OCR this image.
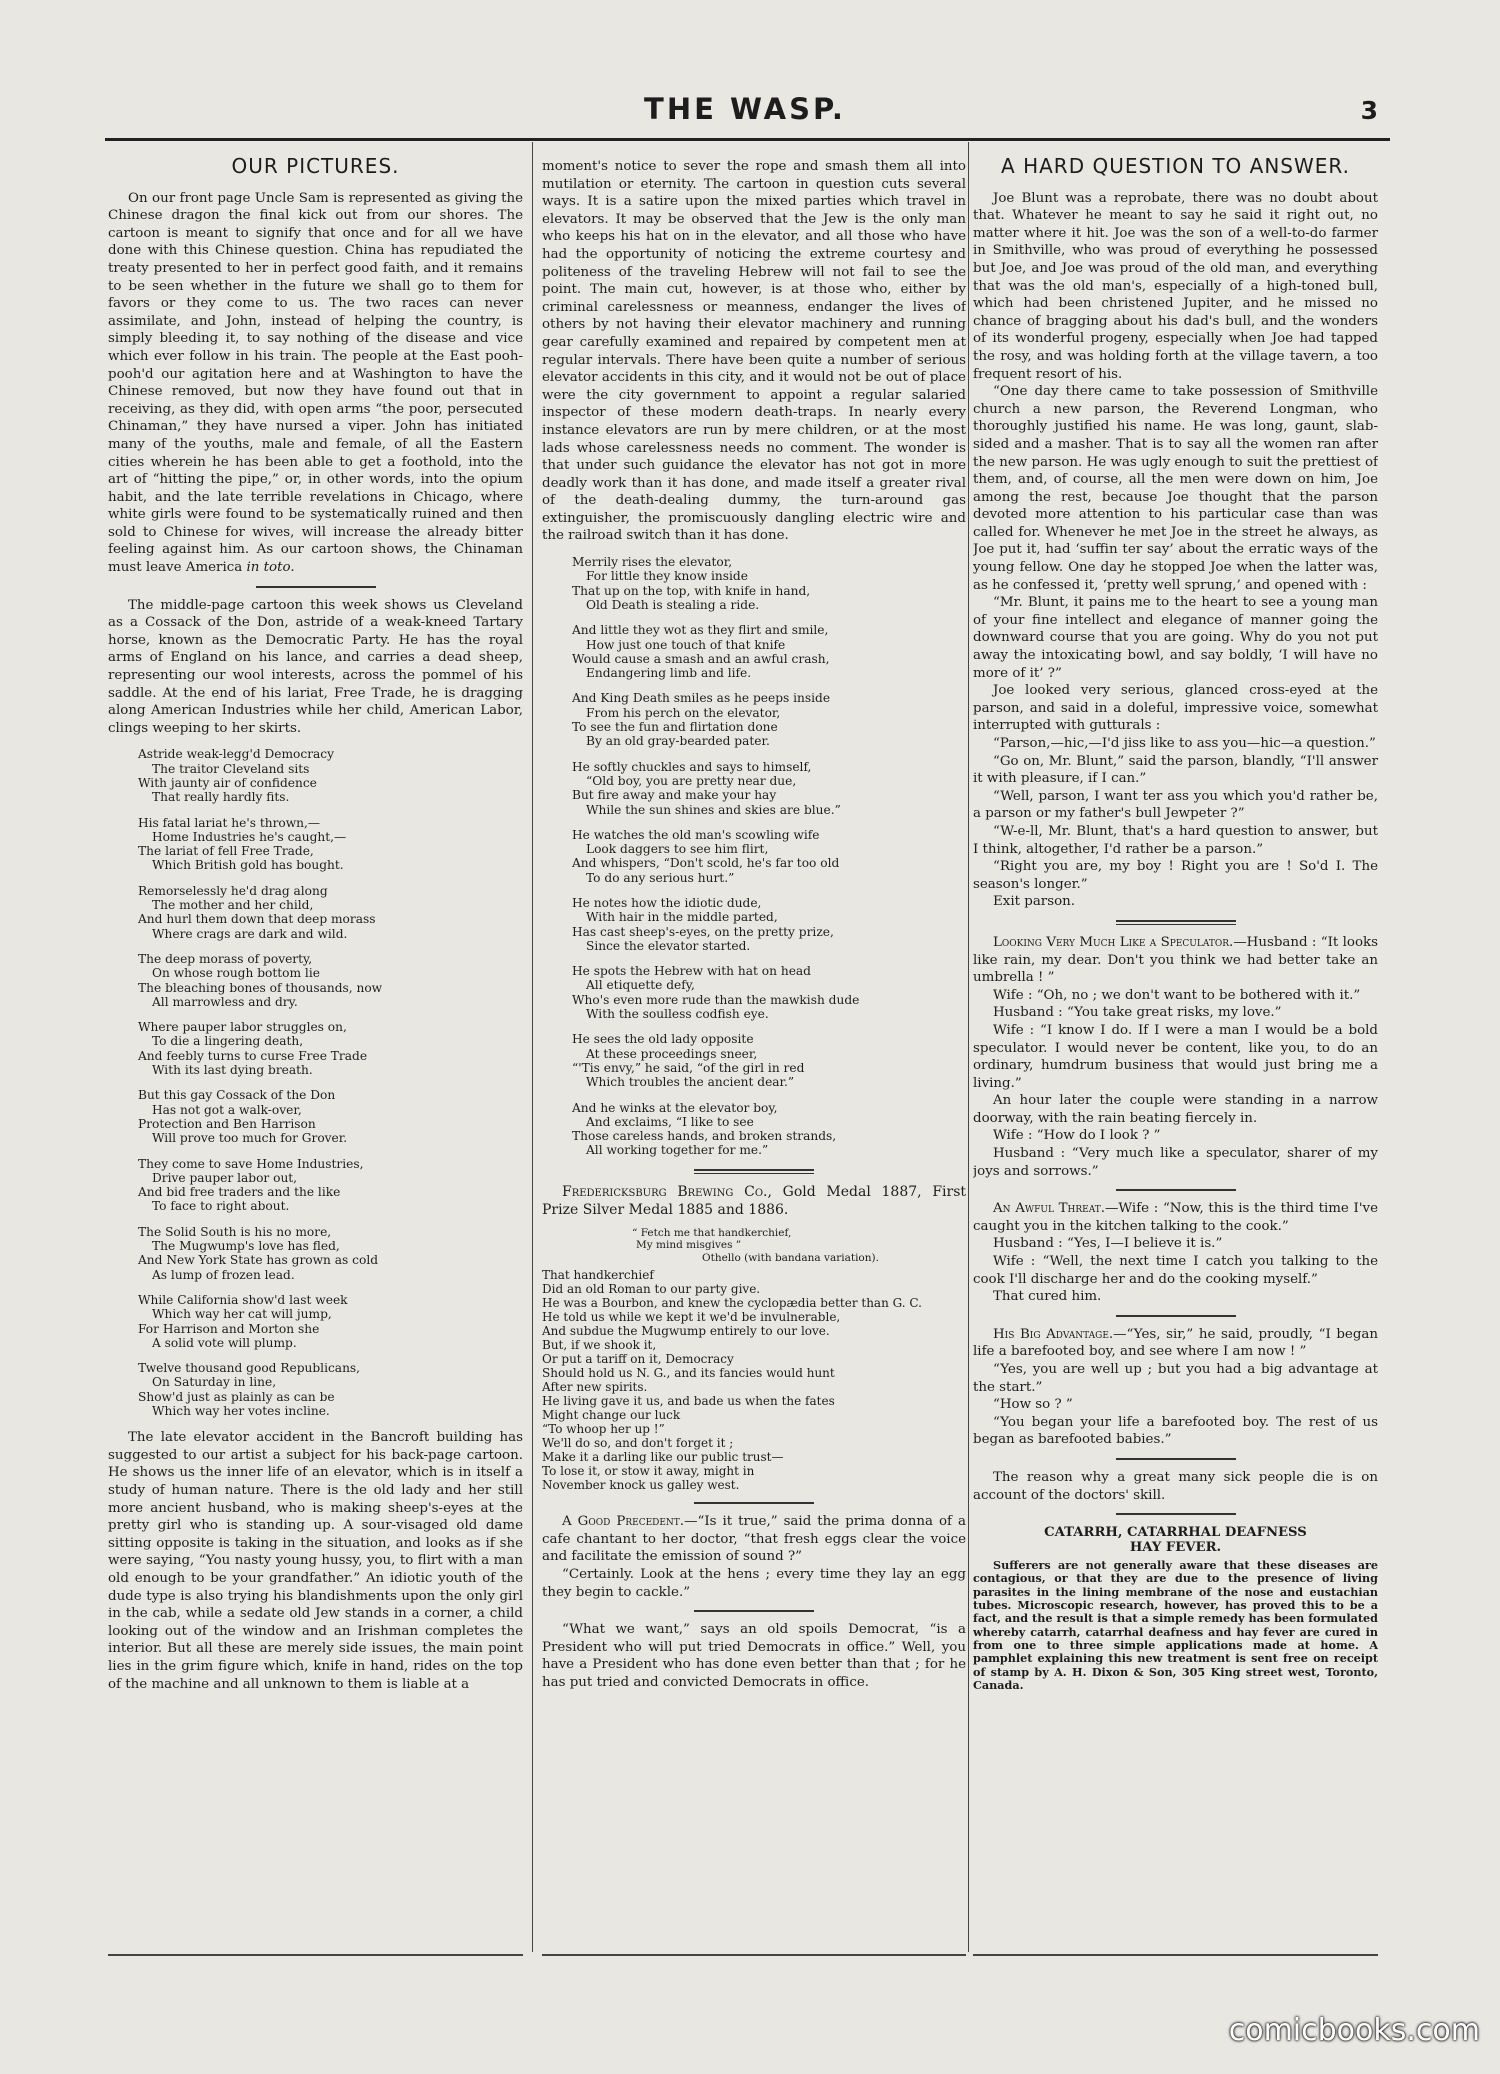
THE WASP.	3
OUR PICTURES.

On our front page Uncle Sam is represented as giving the Chinese dragon the final kick out from our shores. The cartoon is meant to signify that once and for all we have done with this Chinese question. China has repudiated the treaty presented to her in perfect good faith, and it remains to be seen whether in the future we shall go to them for favors or they come to us. The two races can never assimilate, and John, instead of helping the country, is simply bleeding it, to say nothing of the disease and vice which ever follow in his train. The people at the East pooh-pooh'd our agitation here and at Washington to have the Chinese removed, but now they have found out that in receiving, as they did, with open arms “the poor, persecuted Chinaman,” they have nursed a viper. John has initiated many of the youths, male and female, of all the Eastern cities wherein he has been able to get a foothold, into the art of “hitting the pipe,” or, in other words, into the opium habit, and the late terrible revelations in Chicago, where white girls were found to be systematically ruined and then sold to Chinese for wives, will increase the already bitter feeling against him. As our cartoon shows, the Chinaman must leave America in toto.

The middle-page cartoon this week shows us Cleveland as a Cossack of the Don, astride of a weak-kneed Tartary horse, known as the Democratic Party. He has the royal arms of England on his lance, and carries a dead sheep, representing our wool interests, across the pommel of his saddle. At the end of his lariat, Free Trade, he is dragging along American Industries while her child, American Labor, clings weeping to her skirts.

Astride weak-legg'd Democracy
The traitor Cleveland sits
With jaunty air of confidence
That really hardly fits.
His fatal lariat he's thrown,—
Home Industries he's caught,—
The lariat of fell Free Trade,
Which British gold has bought.
Remorselessly he'd drag along
The mother and her child,
And hurl them down that deep morass
Where crags are dark and wild.
The deep morass of poverty,
On whose rough bottom lie
The bleaching bones of thousands, now
All marrowless and dry.
Where pauper labor struggles on,
To die a lingering death,
And feebly turns to curse Free Trade
With its last dying breath.
But this gay Cossack of the Don
Has not got a walk-over,
Protection and Ben Harrison
Will prove too much for Grover.
They come to save Home Industries,
Drive pauper labor out,
And bid free traders and the like
To face to right about.
The Solid South is his no more,
The Mugwump's love has fled,
And New York State has grown as cold
As lump of frozen lead.
While California show'd last week
Which way her cat will jump,
For Harrison and Morton she
A solid vote will plump.
Twelve thousand good Republicans,
On Saturday in line,
Show'd just as plainly as can be
Which way her votes incline.

The late elevator accident in the Bancroft building has suggested to our artist a subject for his back-page cartoon. He shows us the inner life of an elevator, which is in itself a study of human nature. There is the old lady and her still more ancient husband, who is making sheep's-eyes at the pretty girl who is standing up. A sour-visaged old dame sitting opposite is taking in the situation, and looks as if she were saying, “You nasty young hussy, you, to flirt with a man old enough to be your grandfather.” An idiotic youth of the dude type is also trying his blandishments upon the only girl in the cab, while a sedate old Jew stands in a corner, a child looking out of the window and an Irishman completes the interior. But all these are merely side issues, the main point lies in the grim figure which, knife in hand, rides on the top of the machine and all unknown to them is liable at a

moment's notice to sever the rope and smash them all into mutilation or eternity. The cartoon in question cuts several ways. It is a satire upon the mixed parties which travel in elevators. It may be observed that the Jew is the only man who keeps his hat on in the elevator, and all those who have had the opportunity of noticing the extreme courtesy and politeness of the traveling Hebrew will not fail to see the point. The main cut, however, is at those who, either by criminal carelessness or meanness, endanger the lives of others by not having their elevator machinery and running gear carefully examined and repaired by competent men at regular intervals. There have been quite a number of serious elevator accidents in this city, and it would not be out of place were the city government to appoint a regular salaried inspector of these modern death-traps. In nearly every instance elevators are run by mere children, or at the most lads whose carelessness needs no comment. The wonder is that under such guidance the elevator has not got in more deadly work than it has done, and made itself a greater rival of the death-dealing dummy, the turn-around gas extinguisher, the promiscuously dangling electric wire and the railroad switch than it has done.

Merrily rises the elevator,
For little they know inside
That up on the top, with knife in hand,
Old Death is stealing a ride.
And little they wot as they flirt and smile,
How just one touch of that knife
Would cause a smash and an awful crash,
Endangering limb and life.
And King Death smiles as he peeps inside
From his perch on the elevator,
To see the fun and flirtation done
By an old gray-bearded pater.
He softly chuckles and says to himself,
“Old boy, you are pretty near due,
But fire away and make your hay
While the sun shines and skies are blue.”
He watches the old man's scowling wife
Look daggers to see him flirt,
And whispers, “Don't scold, he's far too old
To do any serious hurt.”
He notes how the idiotic dude,
With hair in the middle parted,
Has cast sheep's-eyes, on the pretty prize,
Since the elevator started.
He spots the Hebrew with hat on head
All etiquette defy,
Who's even more rude than the mawkish dude
With the soulless codfish eye.
He sees the old lady opposite
At these proceedings sneer,
“'Tis envy,” he said, “of the girl in red
Which troubles the ancient dear.”
And he winks at the elevator boy,
And exclaims, “I like to see
Those careless hands, and broken strands,
All working together for me.”

Fredericksburg Brewing Co., Gold Medal 1887, First Prize Silver Medal 1885 and 1886.

“ Fetch me that handkerchief,
My mind misgives ”
Othello (with bandana variation).
That handkerchief
Did an old Roman to our party give.
He was a Bourbon, and knew the cyclopædia better than G. C.
He told us while we kept it we'd be invulnerable,
And subdue the Mugwump entirely to our love.
But, if we shook it,
Or put a tariff on it, Democracy
Should hold us N. G., and its fancies would hunt
After new spirits.
He living gave it us, and bade us when the fates
Might change our luck
“To whoop her up !”
We'll do so, and don't forget it ;
Make it a darling like our public trust—
To lose it, or stow it away, might in
November knock us galley west.

A Good Precedent.—“Is it true,” said the prima donna of a cafe chantant to her doctor, “that fresh eggs clear the voice and facilitate the emission of sound ?”

“Certainly. Look at the hens ; every time they lay an egg they begin to cackle.”

“What we want,” says an old spoils Democrat, “is a President who will put tried Democrats in office.” Well, you have a President who has done even better than that ; for he has put tried and convicted Democrats in office.

A HARD QUESTION TO ANSWER.

Joe Blunt was a reprobate, there was no doubt about that. Whatever he meant to say he said it right out, no matter where it hit. Joe was the son of a well-to-do farmer in Smithville, who was proud of everything he possessed but Joe, and Joe was proud of the old man, and everything that was the old man's, especially of a high-toned bull, which had been christened Jupiter, and he missed no chance of bragging about his dad's bull, and the wonders of its wonderful progeny, especially when Joe had tapped the rosy, and was holding forth at the village tavern, a too frequent resort of his.

“One day there came to take possession of Smithville church a new parson, the Reverend Longman, who thoroughly justified his name. He was long, gaunt, slab-sided and a masher. That is to say all the women ran after the new parson. He was ugly enough to suit the prettiest of them, and, of course, all the men were down on him, Joe among the rest, because Joe thought that the parson devoted more attention to his particular case than was called for. Whenever he met Joe in the street he always, as Joe put it, had ‘suffin ter say’ about the erratic ways of the young fellow. One day he stopped Joe when the latter was, as he confessed it, ‘pretty well sprung,’ and opened with :

“Mr. Blunt, it pains me to the heart to see a young man of your fine intellect and elegance of manner going the downward course that you are going. Why do you not put away the intoxicating bowl, and say boldly, ‘I will have no more of it’ ?”

Joe looked very serious, glanced cross-eyed at the parson, and said in a doleful, impressive voice, somewhat interrupted with gutturals :

“Parson,—hic,—I'd jiss like to ass you—hic—a question.”

“Go on, Mr. Blunt,” said the parson, blandly, “I'll answer it with pleasure, if I can.”

“Well, parson, I want ter ass you which you'd rather be, a parson or my father's bull Jewpeter ?”

“W-e-ll, Mr. Blunt, that's a hard question to answer, but I think, altogether, I'd rather be a parson.”

“Right you are, my boy ! Right you are ! So'd I. The season's longer.”

Exit parson.

Looking Very Much Like a Speculator.—Husband : “It looks like rain, my dear. Don't you think we had better take an umbrella ! ”

Wife : “Oh, no ; we don't want to be bothered with it.”

Husband : “You take great risks, my love.”

Wife : “I know I do. If I were a man I would be a bold speculator. I would never be content, like you, to do an ordinary, humdrum business that would just bring me a living.”

An hour later the couple were standing in a narrow doorway, with the rain beating fiercely in.

Wife : “How do I look ? ”

Husband : “Very much like a speculator, sharer of my joys and sorrows.”

An Awful Threat.—Wife : “Now, this is the third time I've caught you in the kitchen talking to the cook.”

Husband : “Yes, I—I believe it is.”

Wife : “Well, the next time I catch you talking to the cook I'll discharge her and do the cooking myself.”

That cured him.

His Big Advantage.—“Yes, sir,” he said, proudly, “I began life a barefooted boy, and see where I am now ! ”

“Yes, you are well up ; but you had a big advantage at the start.”

“How so ? ”

“You began your life a barefooted boy. The rest of us began as barefooted babies.”

The reason why a great many sick people die is on account of the doctors' skill.

CATARRH, CATARRHAL DEAFNESS
HAY FEVER.

Sufferers are not generally aware that these diseases are contagious, or that they are due to the presence of living parasites in the lining membrane of the nose and eustachian tubes. Microscopic research, however, has proved this to be a fact, and the result is that a simple remedy has been formulated whereby catarrh, catarrhal deafness and hay fever are cured in from one to three simple applications made at home. A pamphlet explaining this new treatment is sent free on receipt of stamp by A. H. Dixon & Son, 305 King street west, Toronto, Canada.

comicbooks.com
